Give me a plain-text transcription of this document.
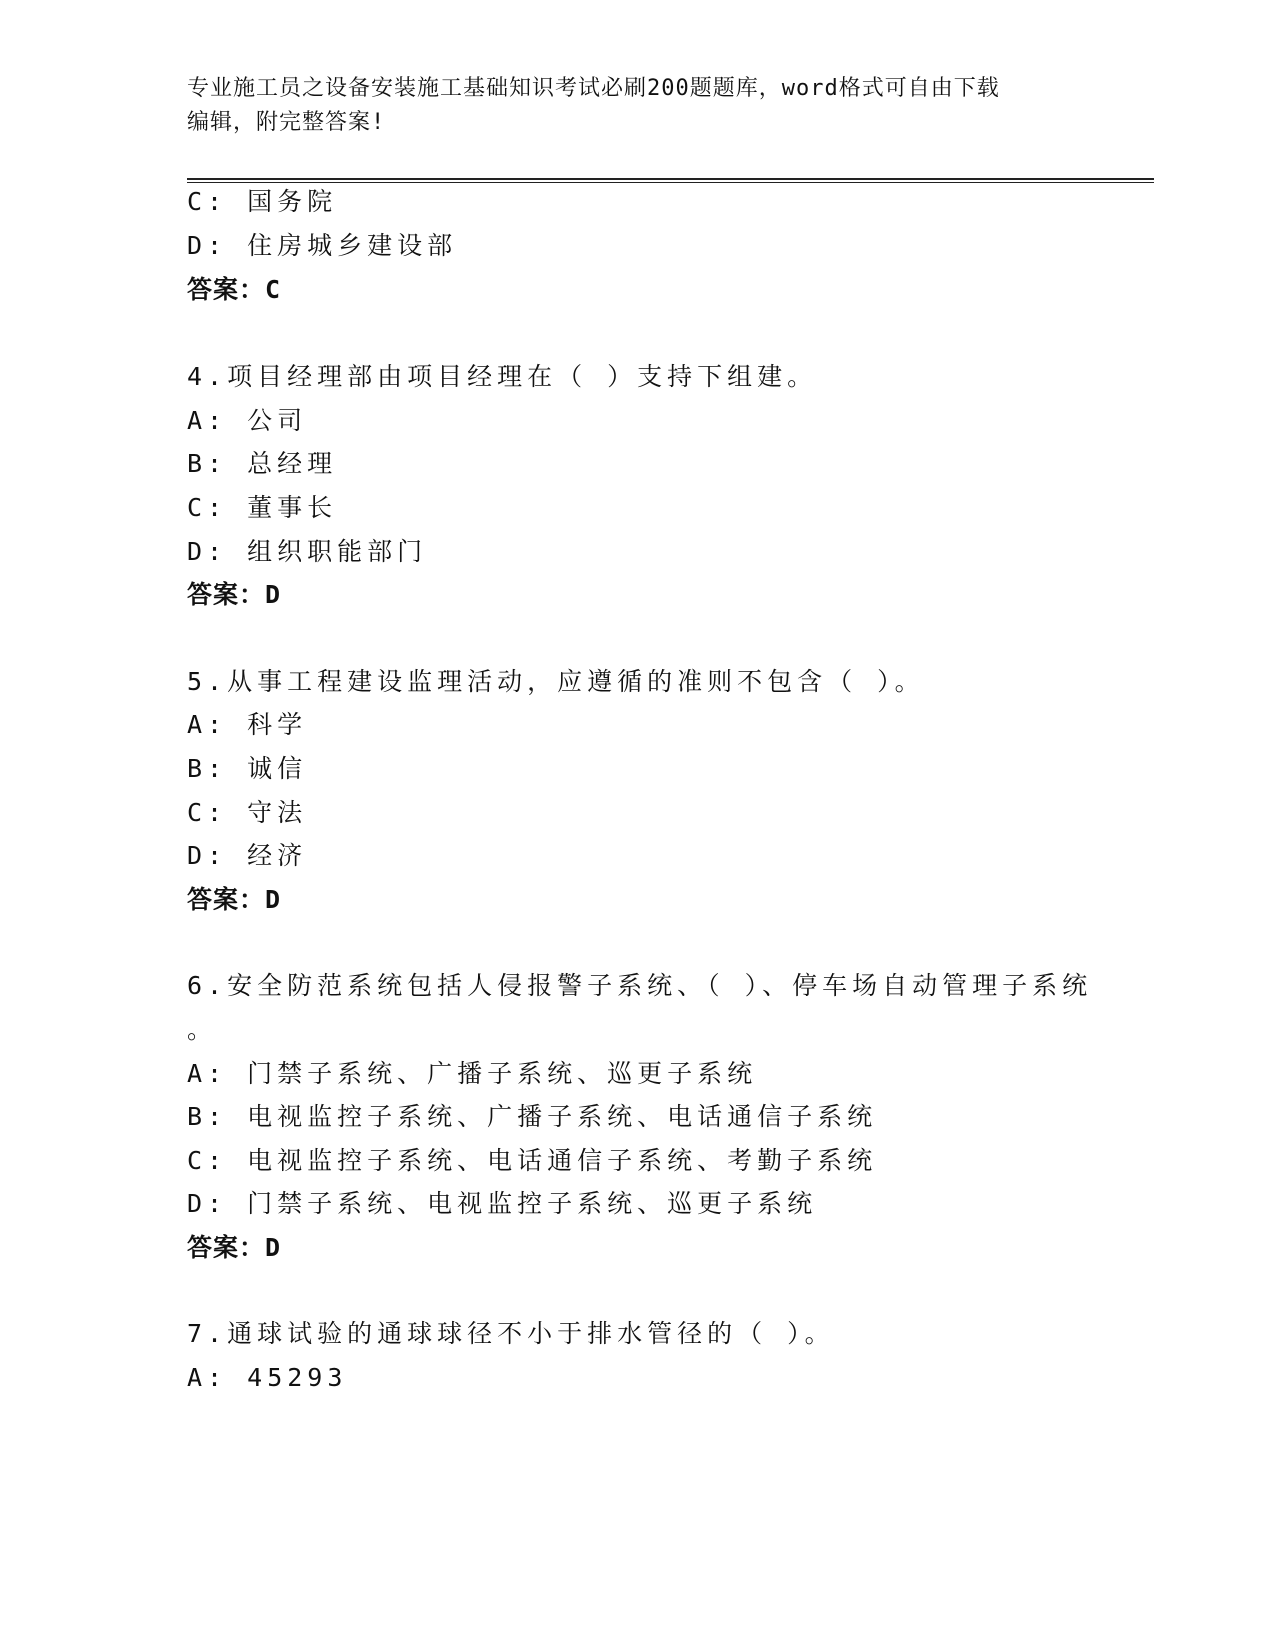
专业施工员之设备安装施工基础知识考试必刷200题题库，word格式可自由下载
编辑，附完整答案!
C: 国务院
D: 住房城乡建设部
答案：C
4.项目经理部由项目经理在（ ）支持下组建。
A: 公司
B: 总经理
C: 董事长
D: 组织职能部门
答案：D
5.从事工程建设监理活动，应遵循的准则不包含（ ）。
A: 科学
B: 诚信
C: 守法
D: 经济
答案：D
6.安全防范系统包括人侵报警子系统、（ ）、停车场自动管理子系统
。
A: 门禁子系统、广播子系统、巡更子系统
B: 电视监控子系统、广播子系统、电话通信子系统
C: 电视监控子系统、电话通信子系统、考勤子系统
D: 门禁子系统、电视监控子系统、巡更子系统
答案：D
7.通球试验的通球球径不小于排水管径的（ ）。
A: 45293
